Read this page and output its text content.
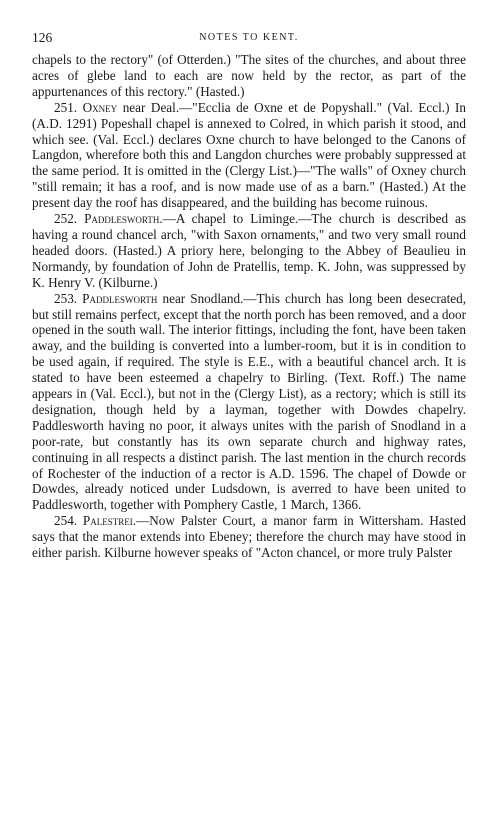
126	NOTES TO KENT.

chapels to the rectory" (of Otterden.) "The sites of the churches, and about three acres of glebe land to each are now held by the rector, as part of the appurtenances of this rectory." (Hasted.)

251. Oxney near Deal.—"Ecclia de Oxne et de Popyshall." (Val. Eccl.) In (A.D. 1291) Popeshall chapel is annexed to Colred, in which parish it stood, and which see. (Val. Eccl.) declares Oxne church to have belonged to the Canons of Langdon, wherefore both this and Langdon churches were probably suppressed at the same period. It is omitted in the (Clergy List.)—"The walls" of Oxney church "still remain; it has a roof, and is now made use of as a barn." (Hasted.) At the present day the roof has disappeared, and the building has become ruinous.

252. Paddlesworth.—A chapel to Liminge.—The church is described as having a round chancel arch, "with Saxon ornaments," and two very small round headed doors. (Hasted.) A priory here, belonging to the Abbey of Beaulieu in Normandy, by foundation of John de Pratellis, temp. K. John, was suppressed by K. Henry V. (Kilburne.)

253. Paddlesworth near Snodland.—This church has long been desecrated, but still remains perfect, except that the north porch has been removed, and a door opened in the south wall. The interior fittings, including the font, have been taken away, and the building is converted into a lumber-room, but it is in condition to be used again, if required. The style is E.E., with a beautiful chancel arch. It is stated to have been esteemed a chapelry to Birling. (Text. Roff.) The name appears in (Val. Eccl.), but not in the (Clergy List), as a rectory; which is still its designation, though held by a layman, together with Dowdes chapelry. Paddlesworth having no poor, it always unites with the parish of Snodland in a poor-rate, but constantly has its own separate church and highway rates, continuing in all respects a distinct parish. The last mention in the church records of Rochester of the induction of a rector is A.D. 1596. The chapel of Dowde or Dowdes, already noticed under Ludsdown, is averred to have been united to Paddlesworth, together with Pomphery Castle, 1 March, 1366.

254. Palestrei.—Now Palster Court, a manor farm in Wittersham. Hasted says that the manor extends into Ebeney; therefore the church may have stood in either parish. Kilburne however speaks of "Acton chancel, or more truly Palster
